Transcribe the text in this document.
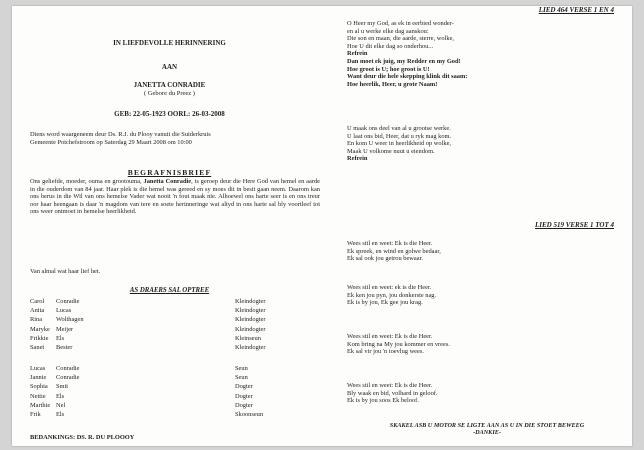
IN LIEFDEVOLLE HERINNERING
AAN
JANETTA CONRADIE
( Gebore du Preez )
GEB: 22-05-1923 OORL: 26-03-2008

Diens word waargeneem deur Ds. R.J. du Plooy vanuit die Suiderkruis

Gemeente Potchefstroom op Saterdag 29 Maart 2008 om 10:00

BEGRAFNISBRIEF
Ons geliefde, moeder, ouma en grootouma, Janetta Conradie, is geroep deur die Here God van hemel en aarde in die ouderdom van 84 jaar. Haar plek is die hemel was gereed en sy moes dit in besit gaan neem. Daarom kan ons berus in die Wil van ons hemelse Vader wat nooit 'n fout maak nie. Alhoewel ons harte seer is en ons treur oor haar heengaan is daar 'n magdom van tere en soete herinneringe wat altyd in ons harte sal bly voortleef tot ons weer ontmoet in hemelse heerlikheid.
Van almal wat haar lief het.
AS DRAERS SAL OPTREE
Carol Conradie	Kleindogter
Anita Lucas	Kleindogter
Rina Wolthagen	Kleindogter
Maryke Meijer	Kleindogter
Frikkie Els	Kleinseun
Sanet Bester	Kleindogter
Lucas Conradie	Seun
Jannie Conradie	Seun
Sophia Smit	Dogter
Nettie Els	Dogter
Marthie Nel	Dogter
Frik Els	Skoonseun
BEDANKINGS: DS. R. DU PLOOOY
LIED 464 VERSE 1 EN 4

O Heer my God, as ek in eerbied wonder-

en al u werke elke dag aanskou:

Die son en maan, die aarde, sterre, wolke,

Hoe U dit elke dag so onderhou...

Refrein

Dan moet ek juig, my Redder en my God!

Hoe groot is U; hoe groot is U!

Want deur die hele skepping klink dit saam:

Hoe heerlik, Heer, u grote Naam!

U maak ons deel van al u grootse werke.

U laat ons bid, Heer, dat u ryk mag kom.

En kom U weer in heerlikheid op wolke,

Maak U volkome nuut u eiendom.

Refrein

LIED 519 VERSE 1 TOT 4

Wees stil en weet: Ek is die Heer.

Ek spreek, en wind en golwe bedaar,

Ek sal ook jou getrou bewaar.

Wees stil en weet: ek is die Heer.

Ek ken jou pyn, jou donkerste nag.

Ek is by jou, Ek gee jou krag.

Wees stil en weet: Ek is die Heer.

Kom bring na My jou kommer en vrees.

Ek sal vir jou 'n toevlug wees.

Wees stil en weet: Ek is die Heer.

Bly waak en bid, volhard in geloof.

Ek is by jou soos Ek beloof.

SKAKEL ASB U MOTOR SE LIGTE AAN AS U IN DIE STOET BEWEEG

-DANKIE-
